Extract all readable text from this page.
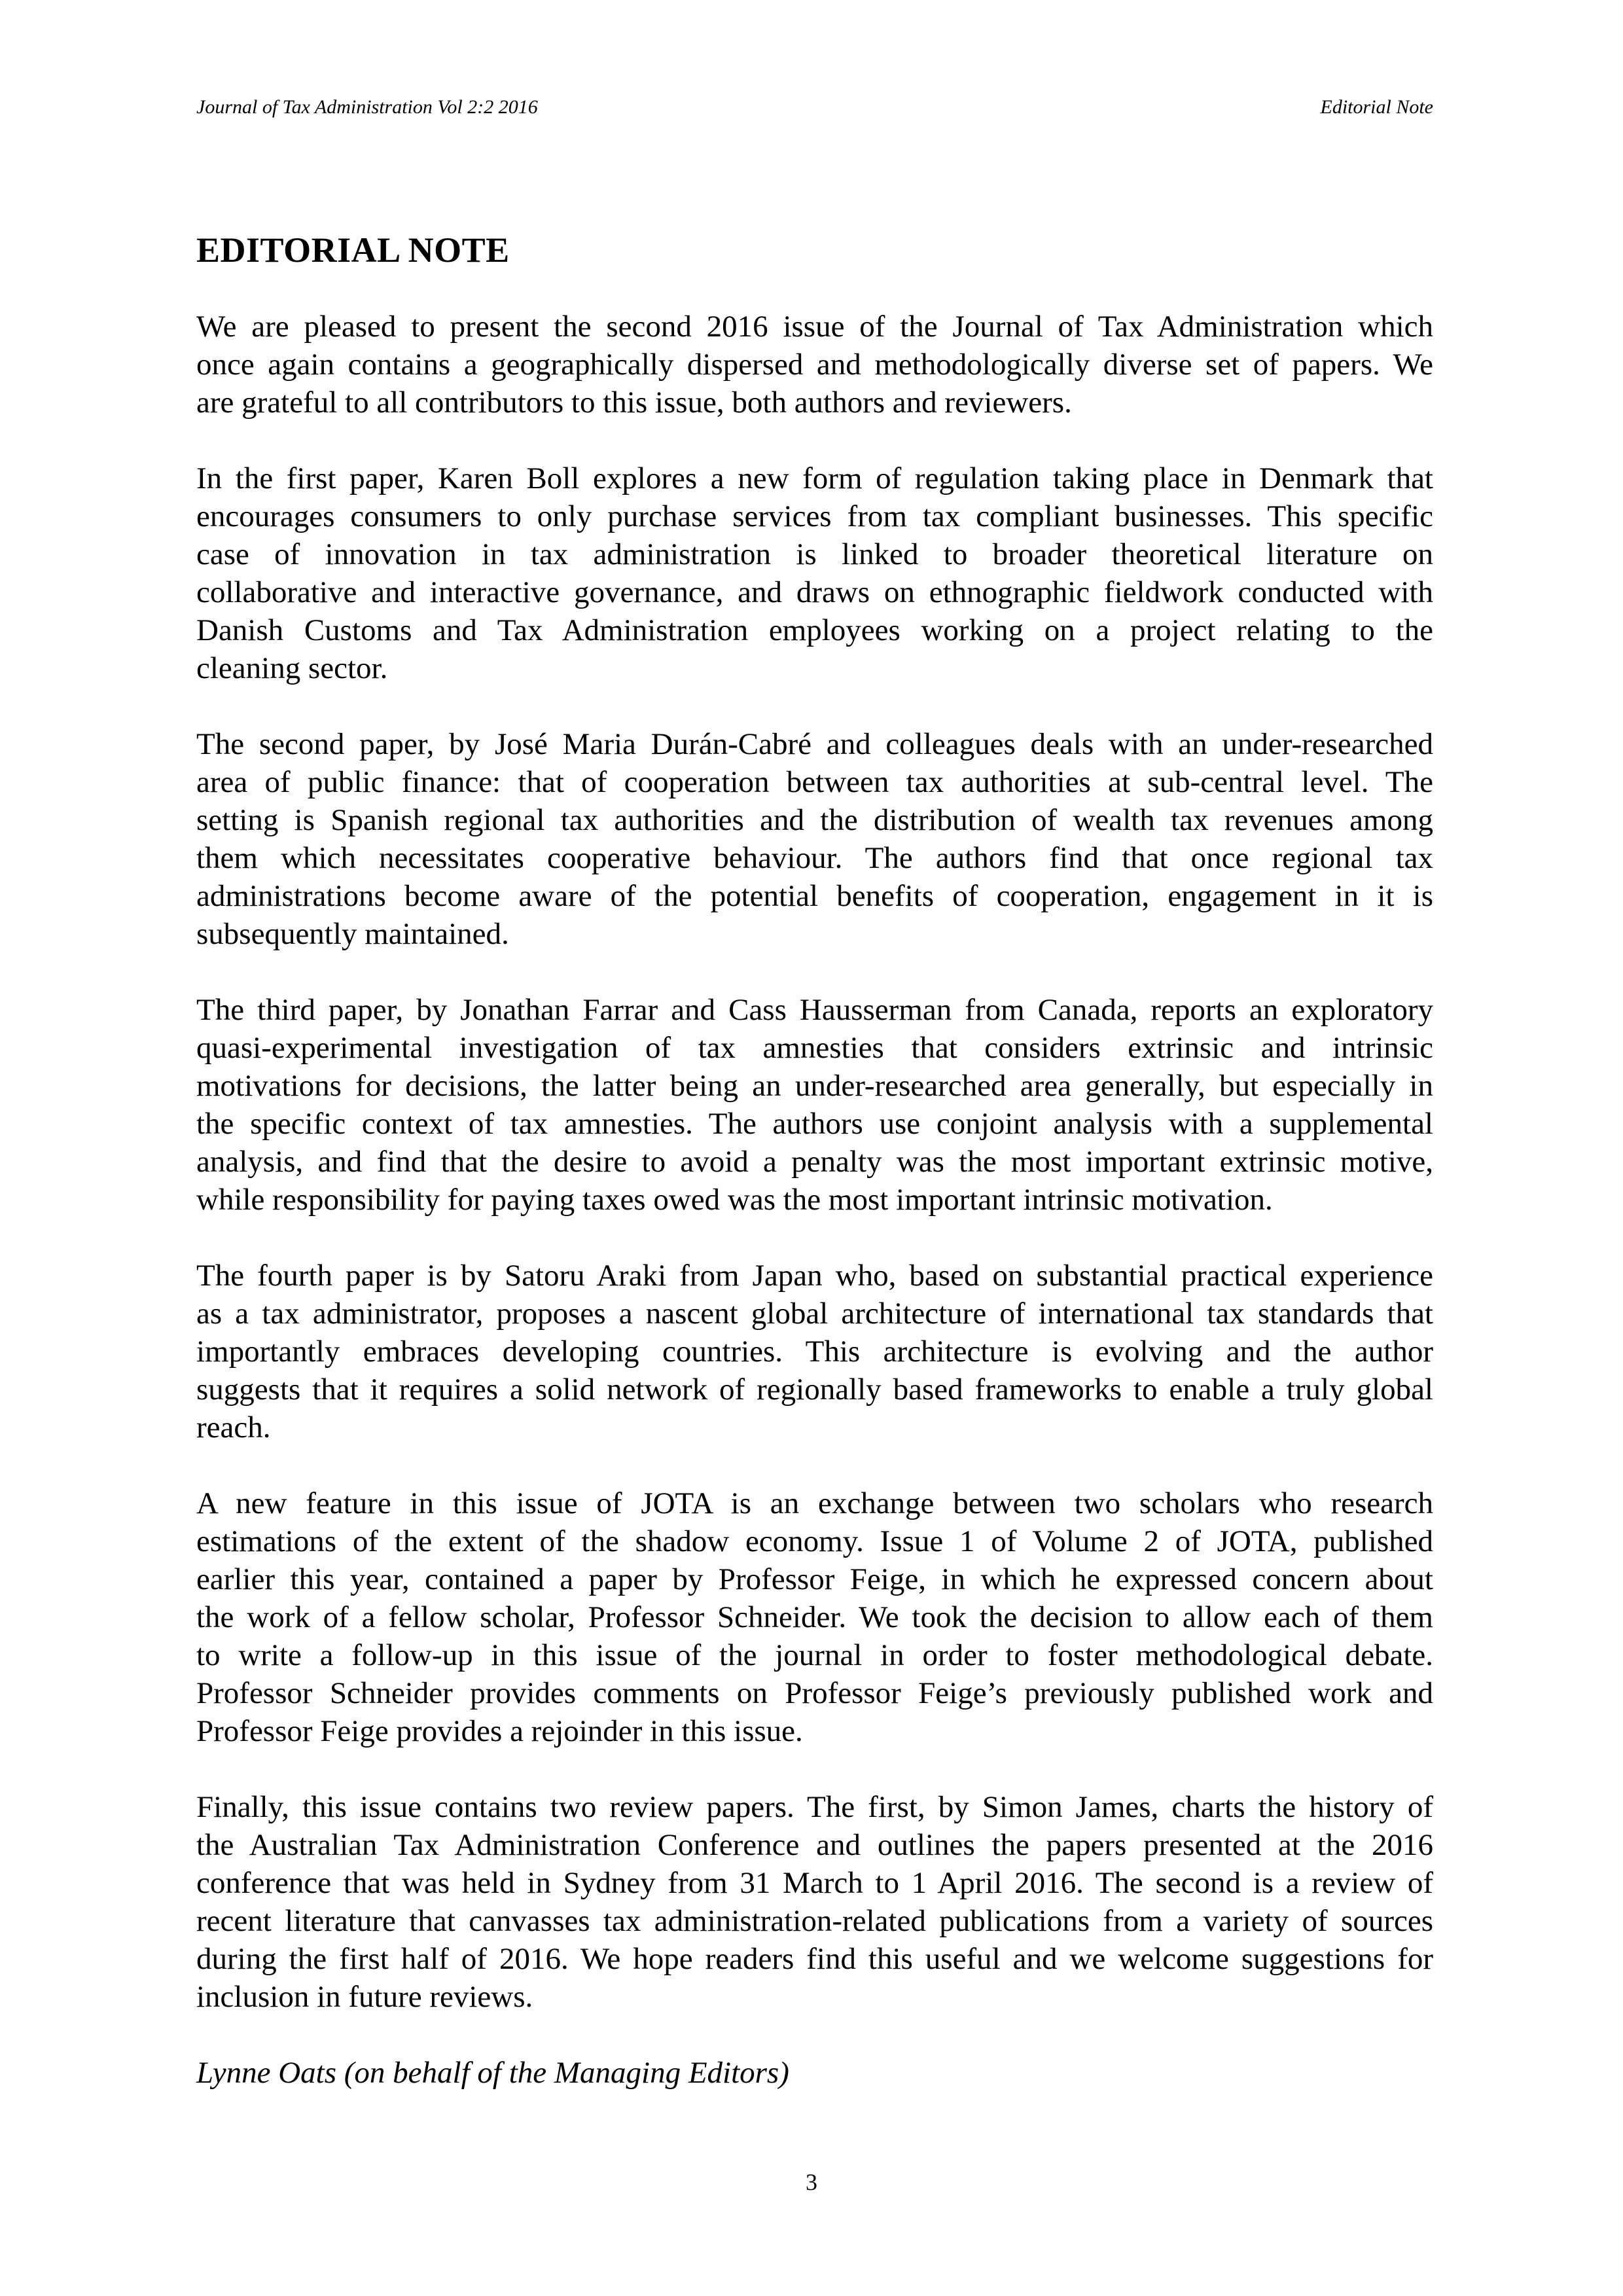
Journal of Tax Administration Vol 2:2 2016	Editorial Note
EDITORIAL NOTE

We are pleased to present the second 2016 issue of the Journal of Tax Administration which
once again contains a geographically dispersed and methodologically diverse set of papers. We
are grateful to all contributors to this issue, both authors and reviewers.

In the first paper, Karen Boll explores a new form of regulation taking place in Denmark that
encourages consumers to only purchase services from tax compliant businesses. This specific
case of innovation in tax administration is linked to broader theoretical literature on
collaborative and interactive governance, and draws on ethnographic fieldwork conducted with
Danish Customs and Tax Administration employees working on a project relating to the
cleaning sector.

The second paper, by José Maria Durán-Cabré and colleagues deals with an under-researched
area of public finance: that of cooperation between tax authorities at sub-central level. The
setting is Spanish regional tax authorities and the distribution of wealth tax revenues among
them which necessitates cooperative behaviour. The authors find that once regional tax
administrations become aware of the potential benefits of cooperation, engagement in it is
subsequently maintained.

The third paper, by Jonathan Farrar and Cass Hausserman from Canada, reports an exploratory
quasi-experimental investigation of tax amnesties that considers extrinsic and intrinsic
motivations for decisions, the latter being an under-researched area generally, but especially in
the specific context of tax amnesties. The authors use conjoint analysis with a supplemental
analysis, and find that the desire to avoid a penalty was the most important extrinsic motive,
while responsibility for paying taxes owed was the most important intrinsic motivation.

The fourth paper is by Satoru Araki from Japan who, based on substantial practical experience
as a tax administrator, proposes a nascent global architecture of international tax standards that
importantly embraces developing countries. This architecture is evolving and the author
suggests that it requires a solid network of regionally based frameworks to enable a truly global
reach.

A new feature in this issue of JOTA is an exchange between two scholars who research
estimations of the extent of the shadow economy. Issue 1 of Volume 2 of JOTA, published
earlier this year, contained a paper by Professor Feige, in which he expressed concern about
the work of a fellow scholar, Professor Schneider. We took the decision to allow each of them
to write a follow-up in this issue of the journal in order to foster methodological debate.
Professor Schneider provides comments on Professor Feige’s previously published work and
Professor Feige provides a rejoinder in this issue.

Finally, this issue contains two review papers. The first, by Simon James, charts the history of
the Australian Tax Administration Conference and outlines the papers presented at the 2016
conference that was held in Sydney from 31 March to 1 April 2016. The second is a review of
recent literature that canvasses tax administration-related publications from a variety of sources
during the first half of 2016. We hope readers find this useful and we welcome suggestions for
inclusion in future reviews.

Lynne Oats (on behalf of the Managing Editors)

3
